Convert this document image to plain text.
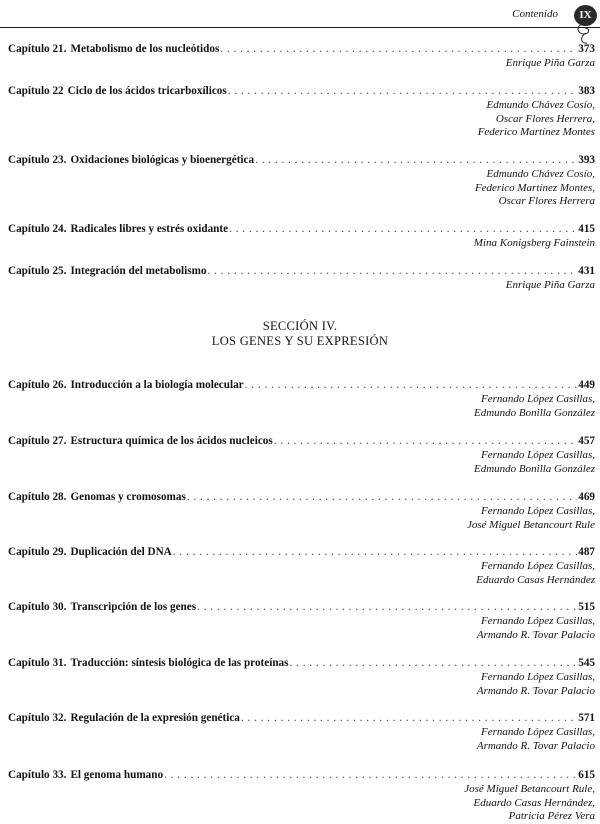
Contenido	IX
Capítulo 21. Metabolismo de los nucleótidos . . .	373
Enrique Piña Garza
Capítulo 22 Ciclo de los ácidos tricarboxílicos . . .	383
Edmundo Chávez Cosío,
Oscar Flores Herrera,
Federico Martínez Montes
Capítulo 23. Oxidaciones biológicas y bioenergética . . .	393
Edmundo Chávez Cosío,
Federico Martínez Montes,
Oscar Flores Herrera
Capítulo 24. Radicales libres y estrés oxidante . . .	415
Mina Konigsberg Fainstein
Capítulo 25. Integración del metabolismo . . .	431
Enrique Piña Garza
SECCIÓN IV.
LOS GENES Y SU EXPRESIÓN
Capítulo 26. Introducción a la biología molecular . . .	449
Fernando López Casillas,
Edmundo Bonilla González
Capítulo 27. Estructura química de los ácidos nucleicos . . .	457
Fernando López Casillas,
Edmundo Bonilla González
Capítulo 28. Genomas y cromosomas . . .	469
Fernando López Casillas,
José Miguel Betancourt Rule
Capítulo 29. Duplicación del DNA . . .	487
Fernando López Casillas,
Eduardo Casas Hernández
Capítulo 30. Transcripción de los genes . . .	515
Fernando López Casillas,
Armando R. Tovar Palacio
Capítulo 31. Traducción: síntesis biológica de las proteínas . . .	545
Fernando López Casillas,
Armando R. Tovar Palacio
Capítulo 32. Regulación de la expresión genética . . .	571
Fernando López Casillas,
Armando R. Tovar Palacio
Capítulo 33. El genoma humano . . .	615
José Miguel Betancourt Rule,
Eduardo Casas Hernández,
Patricia Pérez Vera
